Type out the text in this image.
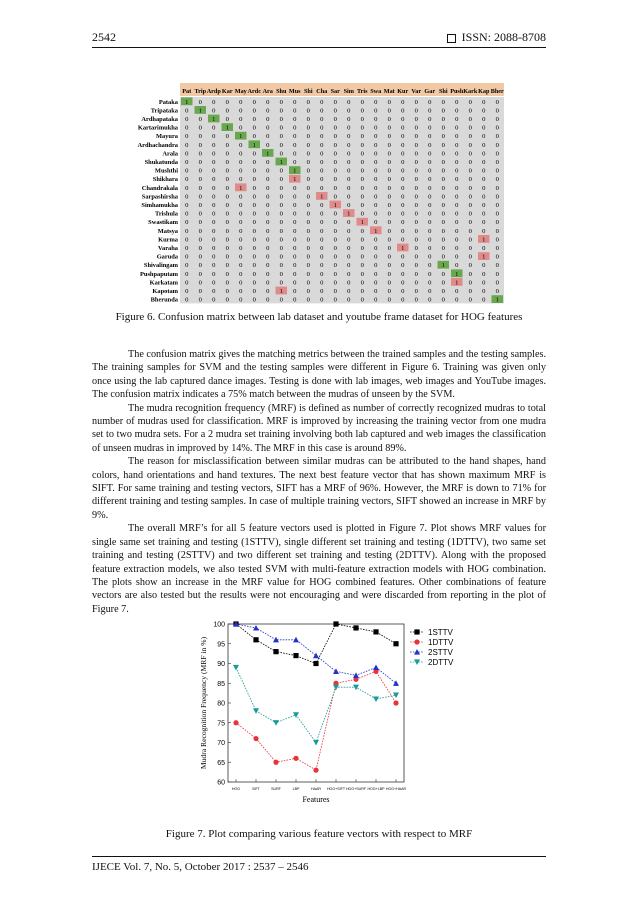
2542	ISSN: 2088-8708
Pat Trip Ardp Kar May Ardc Ara Shu Mus Shi Cha Sar Sim Tris Swa Mat Kur Var Gar Shi Push Kark Kap Bher
Pataka 1 0 0 0 0 0 0 0 0 0 0 0 0 0 0 0 0 0 0 0 0 0 0 0
Tripataka 0 1 0 0 0 0 0 0 0 0 0 0 0 0 0 0 0 0 0 0 0 0 0 0
Ardhapataka 0 0 1 0 0 0 0 0 0 0 0 0 0 0 0 0 0 0 0 0 0 0 0 0
Kartarimukha 0 0 0 1 0 0 0 0 0 0 0 0 0 0 0 0 0 0 0 0 0 0 0 0
Mayura 0 0 0 0 1 0 0 0 0 0 0 0 0 0 0 0 0 0 0 0 0 0 0 0
Ardhachandra 0 0 0 0 0 1 0 0 0 0 0 0 0 0 0 0 0 0 0 0 0 0 0 0
Arala 0 0 0 0 0 0 1 0 0 0 0 0 0 0 0 0 0 0 0 0 0 0 0 0
Shukatunda 0 0 0 0 0 0 0 1 0 0 0 0 0 0 0 0 0 0 0 0 0 0 0 0
Mushthi 0 0 0 0 0 0 0 0 1 0 0 0 0 0 0 0 0 0 0 0 0 0 0 0
Shikhara 0 0 0 0 0 0 0 0 1 0 0 0 0 0 0 0 0 0 0 0 0 0 0 0
Chandrakala 0 0 0 0 1 0 0 0 0 0 0 0 0 0 0 0 0 0 0 0 0 0 0 0
Sarpashirsha 0 0 0 0 0 0 0 0 0 0 1 0 0 0 0 0 0 0 0 0 0 0 0 0
Simhamukha 0 0 0 0 0 0 0 0 0 0 0 1 0 0 0 0 0 0 0 0 0 0 0 0
Trishula 0 0 0 0 0 0 0 0 0 0 0 0 1 0 0 0 0 0 0 0 0 0 0 0
Swastikam 0 0 0 0 0 0 0 0 0 0 0 0 0 1 0 0 0 0 0 0 0 0 0 0
Matsya 0 0 0 0 0 0 0 0 0 0 0 0 0 0 1 0 0 0 0 0 0 0 0 0
Kurma 0 0 0 0 0 0 0 0 0 0 0 0 0 0 0 0 0 0 0 0 0 0 1 0
Varaha 0 0 0 0 0 0 0 0 0 0 0 0 0 0 0 0 1 0 0 0 0 0 0 0
Garuda 0 0 0 0 0 0 0 0 0 0 0 0 0 0 0 0 0 0 0 0 0 0 1 0
Shivalingam 0 0 0 0 0 0 0 0 0 0 0 0 0 0 0 0 0 0 0 1 0 0 0 0
Pushpaputam 0 0 0 0 0 0 0 0 0 0 0 0 0 0 0 0 0 0 0 0 1 0 0 0
Karkatam 0 0 0 0 0 0 0 0 0 0 0 0 0 0 0 0 0 0 0 0 1 0 0 0
Kapotam 0 0 0 0 0 0 0 1 0 0 0 0 0 0 0 0 0 0 0 0 0 0 0 0
Bherunda 0 0 0 0 0 0 0 0 0 0 0 0 0 0 0 0 0 0 0 0 0 0 0 1
Figure 6. Confusion matrix between lab dataset and youtube frame dataset for HOG features

The confusion matrix gives the matching metrics between the trained samples and the testing samples. The training samples for SVM and the testing samples were different in Figure 6. Training was given only once using the lab captured dance images. Testing is done with lab images, web images and YouTube images. The confusion matrix indicates a 75% match between the mudras of unseen by the SVM.

The mudra recognition frequency (MRF) is defined as number of correctly recognized mudras to total number of mudras used for classification. MRF is improved by increasing the training vector from one mudra set to two mudra sets. For a 2 mudra set training involving both lab captured and web images the classification of unseen mudras in improved by 14%. The MRF in this case is around 89%.

The reason for misclassification between similar mudras can be attributed to the hand shapes, hand colors, hand orientations and hand textures. The next best feature vector that has shown maximum MRF is SIFT. For same training and testing vectors, SIFT has a MRF of 96%. However, the MRF is down to 71% for different training and testing samples. In case of multiple training vectors, SIFT showed an increase in MRF by 9%.

The overall MRF’s for all 5 feature vectors used is plotted in Figure 7. Plot shows MRF values for single same set training and testing (1STTV), single different set training and testing (1DTTV), two same set training and testing (2STTV) and two different set training and testing (2DTTV). Along with the proposed feature extraction models, we also tested SVM with multi-feature extraction models with HOG combination. The plots show an increase in the MRF value for HOG combined features. Other combinations of feature vectors are also tested but the results were not encouraging and were discarded from reporting in the plot of Figure 7.

60
65
70
75
80
85
90
95
100
HOG	SIFT	SURF	LBP	HAAR HOG+SIFT HOG+SURF HOG+LBP HOG+HAAR
Features
Mudra Recognition Frequency (MRF in %)
1STTV
1DTTV
2STTV
2DTTV
Figure 7. Plot comparing various feature vectors with respect to MRF
IJECE Vol. 7, No. 5, October 2017 : 2537 – 2546
